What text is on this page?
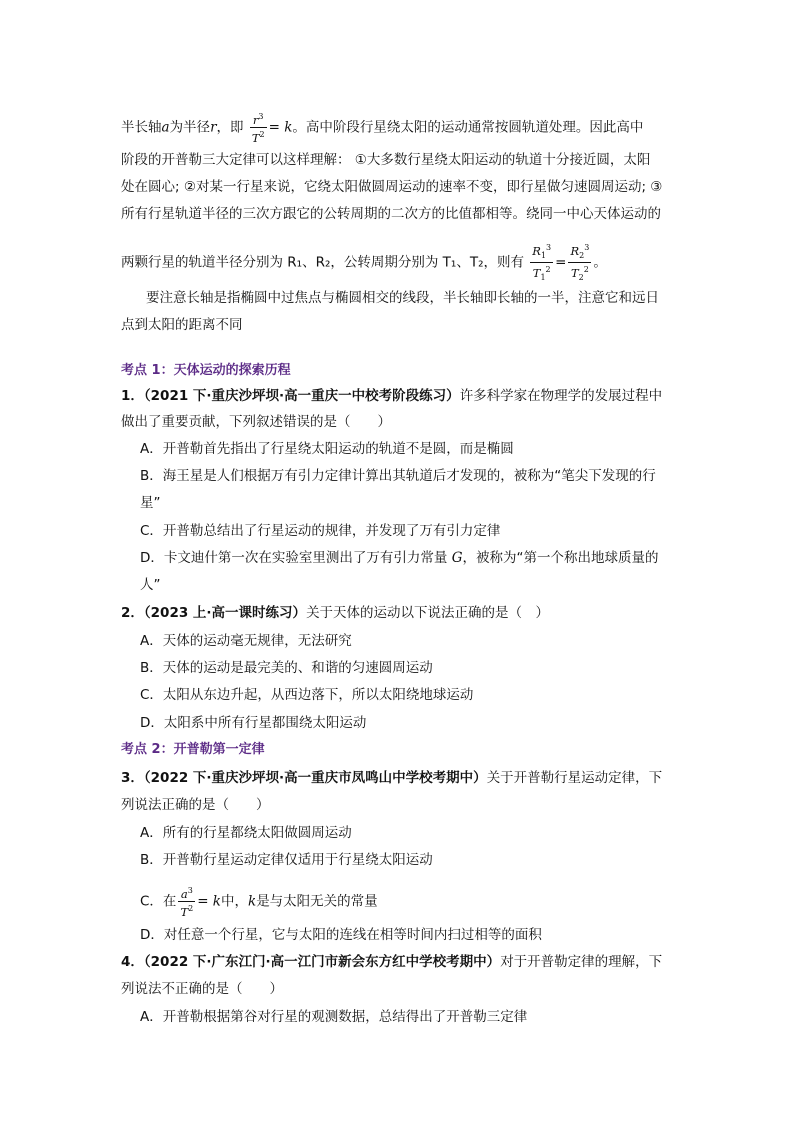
半长轴a为半径r，即 $\frac{r^3}{T^2} = k$。高中阶段行星绕太阳的运动通常按圆轨道处理。因此高中
阶段的开普勒三大定律可以这样理解： ①大多数行星绕太阳运动的轨道十分接近圆，太阳
处在圆心; ②对某一行星来说，它绕太阳做圆周运动的速率不变，即行星做匀速圆周运动; ③
所有行星轨道半径的三次方跟它的公转周期的二次方的比值都相等。绕同一中心天体运动的
两颗行星的轨道半径分别为 R₁、R₂，公转周期分别为 T₁、T₂，则有 $\frac{R_1^3}{T_1^2} = \frac{R_2^3}{T_2^2}$ 。
要注意长轴是指椭圆中过焦点与椭圆相交的线段，半长轴即长轴的一半，注意它和远日
点到太阳的距离不同
考点 1：天体运动的探索历程
1．（2021 下·重庆沙坪坝·高一重庆一中校考阶段练习）许多科学家在物理学的发展过程中
做出了重要贡献，下列叙述错误的是（　　）
A．开普勒首先指出了行星绕太阳运动的轨道不是圆，而是椭圆
B．海王星是人们根据万有引力定律计算出其轨道后才发现的，被称为“笔尖下发现的行
星”
C．开普勒总结出了行星运动的规律，并发现了万有引力定律
D．卡文迪什第一次在实验室里测出了万有引力常量 G，被称为“第一个称出地球质量的
人”
2．（2023 上·高一课时练习）关于天体的运动以下说法正确的是（　）
A．天体的运动毫无规律，无法研究
B．天体的运动是最完美的、和谐的匀速圆周运动
C．太阳从东边升起，从西边落下，所以太阳绕地球运动
D．太阳系中所有行星都围绕太阳运动
考点 2：开普勒第一定律
3．（2022 下·重庆沙坪坝·高一重庆市凤鸣山中学校考期中）关于开普勒行星运动定律，下
列说法正确的是（　　）
A．所有的行星都绕太阳做圆周运动
B．开普勒行星运动定律仅适用于行星绕太阳运动
C．在 $\frac{a^3}{T^2} = k$中，k是与太阳无关的常量
D．对任意一个行星，它与太阳的连线在相等时间内扫过相等的面积
4．（2022 下·广东江门·高一江门市新会东方红中学校考期中）对于开普勒定律的理解，下
列说法不正确的是（　　）
A．开普勒根据第谷对行星的观测数据，总结得出了开普勒三定律
